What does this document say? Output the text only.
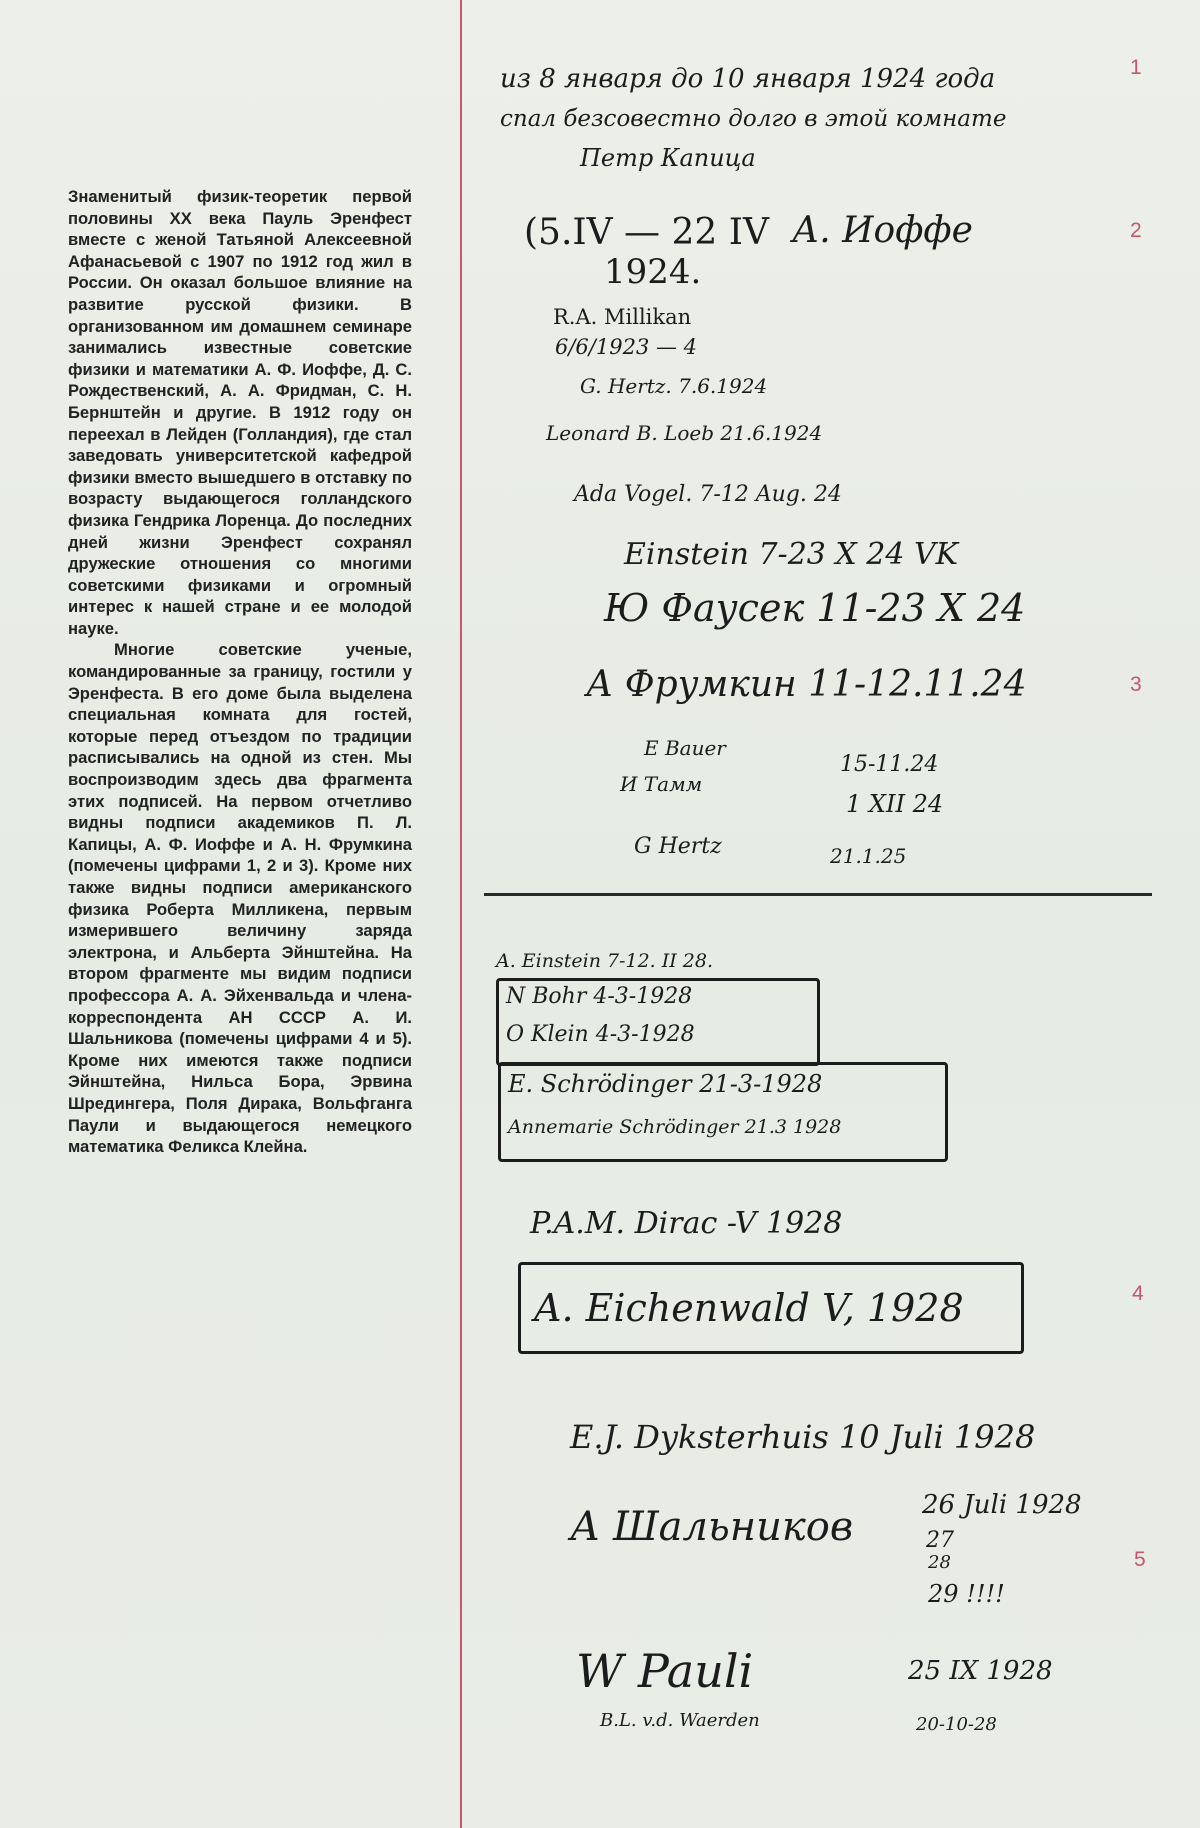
Знаменитый физик-теоретик первой половины XX века Пауль Эренфест вместе с женой Татьяной Алексеевной Афанасьевой с 1907 по 1912 год жил в России. Он оказал большое влияние на развитие русской физики. В организованном им домашнем семинаре занимались известные советские физики и математики А. Ф. Иоффе, Д. С. Рождественский, А. А. Фридман, С. Н. Бернштейн и другие. В 1912 году он переехал в Лейден (Голландия), где стал заведовать университетской кафедрой физики вместо вышедшего в отставку по возрасту выдающегося голландского физика Гендрика Лоренца. До последних дней жизни Эренфест сохранял дружеские отношения со многими советскими физиками и огромный интерес к нашей стране и ее молодой науке.

Многие советские ученые, командированные за границу, гостили у Эренфеста. В его доме была выделена специальная комната для гостей, которые перед отъездом по традиции расписывались на одной из стен. Мы воспроизводим здесь два фрагмента этих подписей. На первом отчетливо видны подписи академиков П. Л. Капицы, А. Ф. Иоффе и А. Н. Фрумкина (помечены цифрами 1, 2 и 3). Кроме них также видны подписи американского физика Роберта Милликена, первым измерившего величину заряда электрона, и Альберта Эйнштейна. На втором фрагменте мы видим подписи профессора А. А. Эйхенвальда и члена-корреспондента АН СССР А. И. Шальникова (помечены цифрами 4 и 5). Кроме них имеются также подписи Эйнштейна, Нильса Бора, Эрвина Шредингера, Поля Дирака, Вольфганга Паули и выдающегося немецкого математика Феликса Клейна.

1
2
3
4
5
из 8 января до 10 января 1924 года
спал безсовестно долго в этой комнате
Петр Капица
(5.IV — 22 IV А. Иоффе
1924.
R.A. Millikan
6/6/1923 — 4
G. Hertz. 7.6.1924
Leonard B. Loeb 21.6.1924
Ada Vogel. 7-12 Aug. 24
Einstein 7-23 X 24 VK
Ю Фаусек 11-23 X 24
А Фрумкин 11-12.11.24
E Bauer
15-11.24
И Тамм
1 XII 24
G Hertz	21.1.25
A. Einstein 7-12. II 28.
N Bohr 4-3-1928
O Klein 4-3-1928
E. Schrödinger 21-3-1928
Annemarie Schrödinger 21.3 1928
P.A.M. Dirac -V 1928
A. Eichenwald V, 1928
E.J. Dyksterhuis 10 Juli 1928
А Шальников	26 Juli 1928
27
28
29 !!!!
W Pauli	25 IX 1928
B.L. v.d. Waerden	20-10-28
